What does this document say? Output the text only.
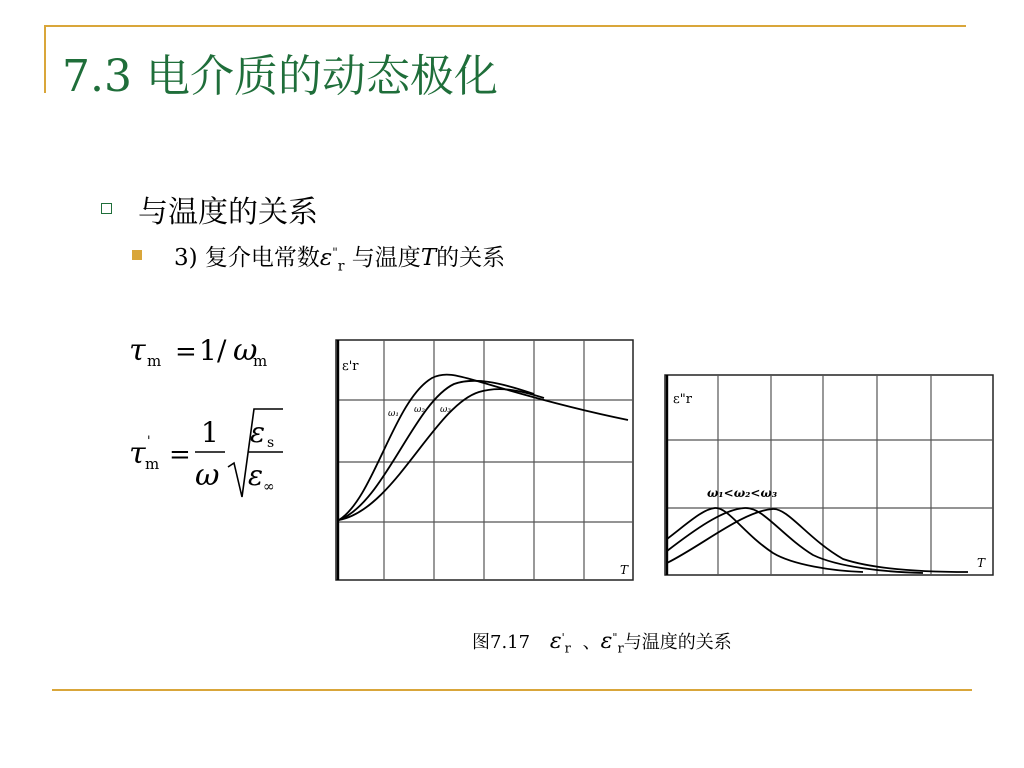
7.3 电介质的动态极化
与温度的关系
3) 复介电常数$\varepsilon^"_r$ 与温度T的关系
τ m = 1 / ω
m
τ '
m =
1
ω
ε s
ε ∞
ε'r
T
ω₁ ω₂ ω₃
ε"r
ω₁<ω₂<ω₃
T
图7.17 $\varepsilon'_r$ 、$\varepsilon^"_r$与温度的关系
